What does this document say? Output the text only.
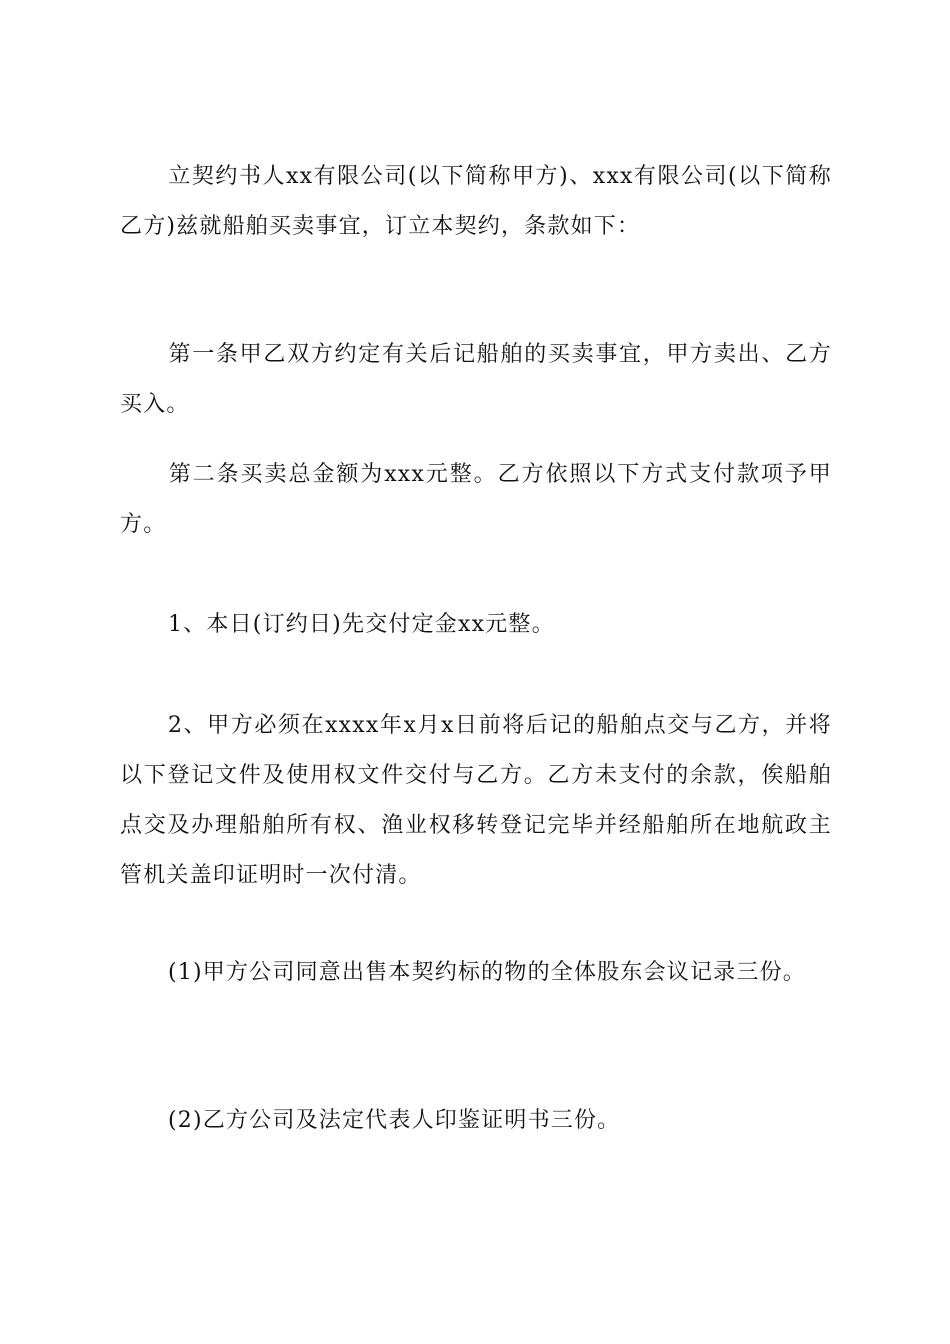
立契约书人xx有限公司(以下简称甲方)、xxx有限公司(以下简称乙方)兹就船舶买卖事宜，订立本契约，条款如下：

第一条甲乙双方约定有关后记船舶的买卖事宜，甲方卖出、乙方买入。

第二条买卖总金额为xxx元整。乙方依照以下方式支付款项予甲方。

1、本日(订约日)先交付定金xx元整。

2、甲方必须在xxxx年x月x日前将后记的船舶点交与乙方，并将以下登记文件及使用权文件交付与乙方。乙方未支付的余款，俟船舶点交及办理船舶所有权、渔业权移转登记完毕并经船舶所在地航政主管机关盖印证明时一次付清。

(1)甲方公司同意出售本契约标的物的全体股东会议记录三份。

(2)乙方公司及法定代表人印鉴证明书三份。
